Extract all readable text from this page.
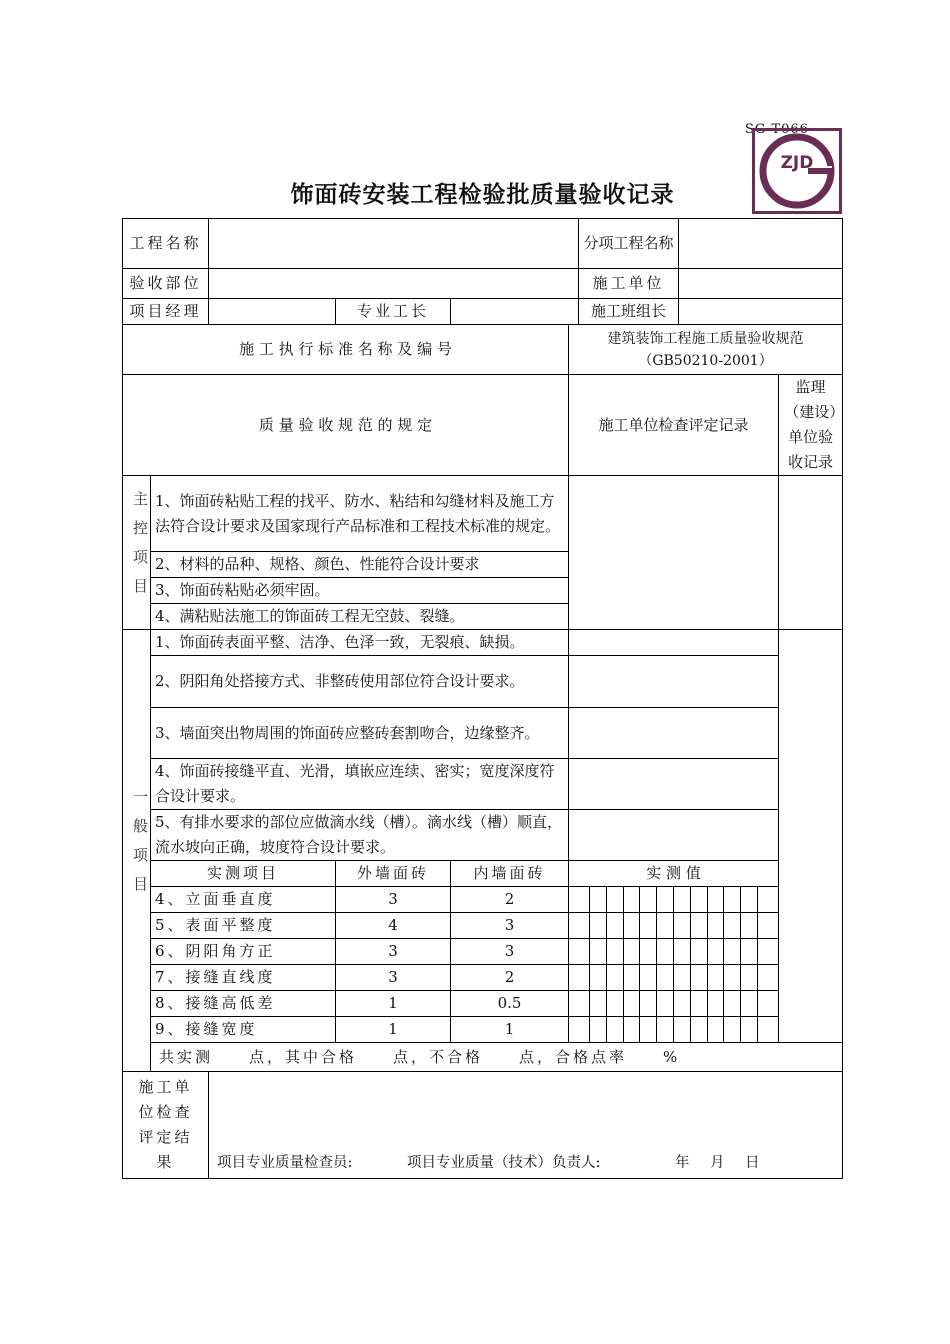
SG-T066
ZJD
饰面砖安装工程检验批质量验收记录
工程名称						分项工程名称			
验收部位						施工单位			
项目经理			专业工长			施工班组长			
施 工 执 行 标 准 名 称 及 编 号					建筑装饰工程施工质量验收规范（GB50210-2001）				
质 量 验 收 规 范 的 规 定					施工单位检查评定记录			监理（建设）单位验收记录	
主控项目	1、饰面砖粘贴工程的找平、防水、粘结和勾缝材料及施工方法符合设计要求及国家现行产品标准和工程技术标准的规定。								
	2、材料的品种、规格、颜色、性能符合设计要求								
	3、饰面砖粘贴必须牢固。								
	4、满粘贴法施工的饰面砖工程无空鼓、裂缝。								
一般项目	1、饰面砖表面平整、洁净、色泽一致，无裂痕、缺损。								
	2、阴阳角处搭接方式、非整砖使用部位符合设计要求。								
	3、墙面突出物周围的饰面砖应整砖套割吻合，边缘整齐。								
	4、饰面砖接缝平直、光滑，填嵌应连续、密实；宽度深度符合设计要求。								
	5、有排水要求的部位应做滴水线（槽）。滴水线（槽）顺直，流水坡向正确，坡度符合设计要求。								
	实测项目		外墙面砖	内墙面砖	实 测 值				
	4、立面垂直度		3	2					

	5、表面平整度		4	3					

	6、阴阳角方正		3	3					

	7、接缝直线度		3	2					

	8、接缝高低差		1	0.5					

	9、接缝宽度		1	1				

	共实测　　点，其中合格　　点，不合格　　点，合格点率　　%								
施工单位检查评定结果		项目专业质量检查员: 项目专业质量（技术）负责人: 年　月　日							
